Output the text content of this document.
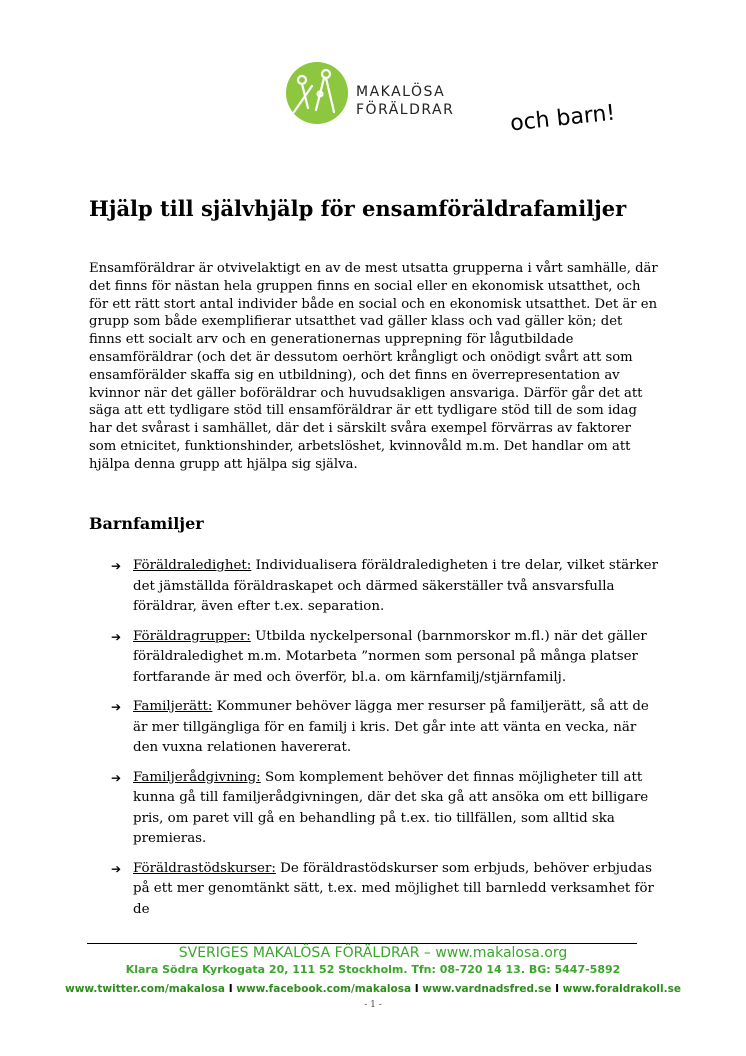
MAKALÖSA
FÖRÄLDRAR och barn!
Hjälp till självhjälp för ensamföräldrafamiljer

Ensamföräldrar är otvivelaktigt en av de mest utsatta grupperna i vårt samhälle, där det finns för nästan hela gruppen finns en social eller en ekonomisk utsatthet, och för ett rätt stort antal individer både en social och en ekonomisk utsatthet. Det är en grupp som både exemplifierar utsatthet vad gäller klass och vad gäller kön; det finns ett socialt arv och en generationernas upprepning för lågutbildade ensamföräldrar (och det är dessutom oerhört krångligt och onödigt svårt att som ensamförälder skaffa sig en utbildning), och det finns en överrepresentation av kvinnor när det gäller boföräldrar och huvudsakligen ansvariga. Därför går det att säga att ett tydligare stöd till ensamföräldrar är ett tydligare stöd till de som idag har det svårast i samhället, där det i särskilt svåra exempel förvärras av faktorer som etnicitet, funktionshinder, arbetslöshet, kvinnovåld m.m. Det handlar om att hjälpa denna grupp att hjälpa sig själva.

Barnfamiljer
➔ Föräldraledighet: Individualisera föräldraledigheten i tre delar, vilket stärker det jämställda föräldraskapet och därmed säkerställer två ansvarsfulla föräldrar, även efter t.ex. separation.
➔ Föräldragrupper: Utbilda nyckelpersonal (barnmorskor m.fl.) när det gäller föräldraledighet m.m. Motarbeta ”normen som personal på många platser fortfarande är med och överför, bl.a. om kärnfamilj/stjärnfamilj.
➔ Familjerätt: Kommuner behöver lägga mer resurser på familjerätt, så att de är mer tillgängliga för en familj i kris. Det går inte att vänta en vecka, när den vuxna relationen havererat.
➔ Familjerådgivning: Som komplement behöver det finnas möjligheter till att kunna gå till familjerådgivningen, där det ska gå att ansöka om ett billigare pris, om paret vill gå en behandling på t.ex. tio tillfällen, som alltid ska premieras.
➔ Föräldrastödskurser: De föräldrastödskurser som erbjuds, behöver erbjudas på ett mer genomtänkt sätt, t.ex. med möjlighet till barnledd verksamhet för de
SVERIGES MAKALÖSA FÖRÄLDRAR – www.makalosa.org
Klara Södra Kyrkogata 20, 111 52 Stockholm. Tfn: 08-720 14 13. BG: 5447-5892
www.twitter.com/makalosa I www.facebook.com/makalosa I www.vardnadsfred.se I www.foraldrakoll.se
- 1 -
